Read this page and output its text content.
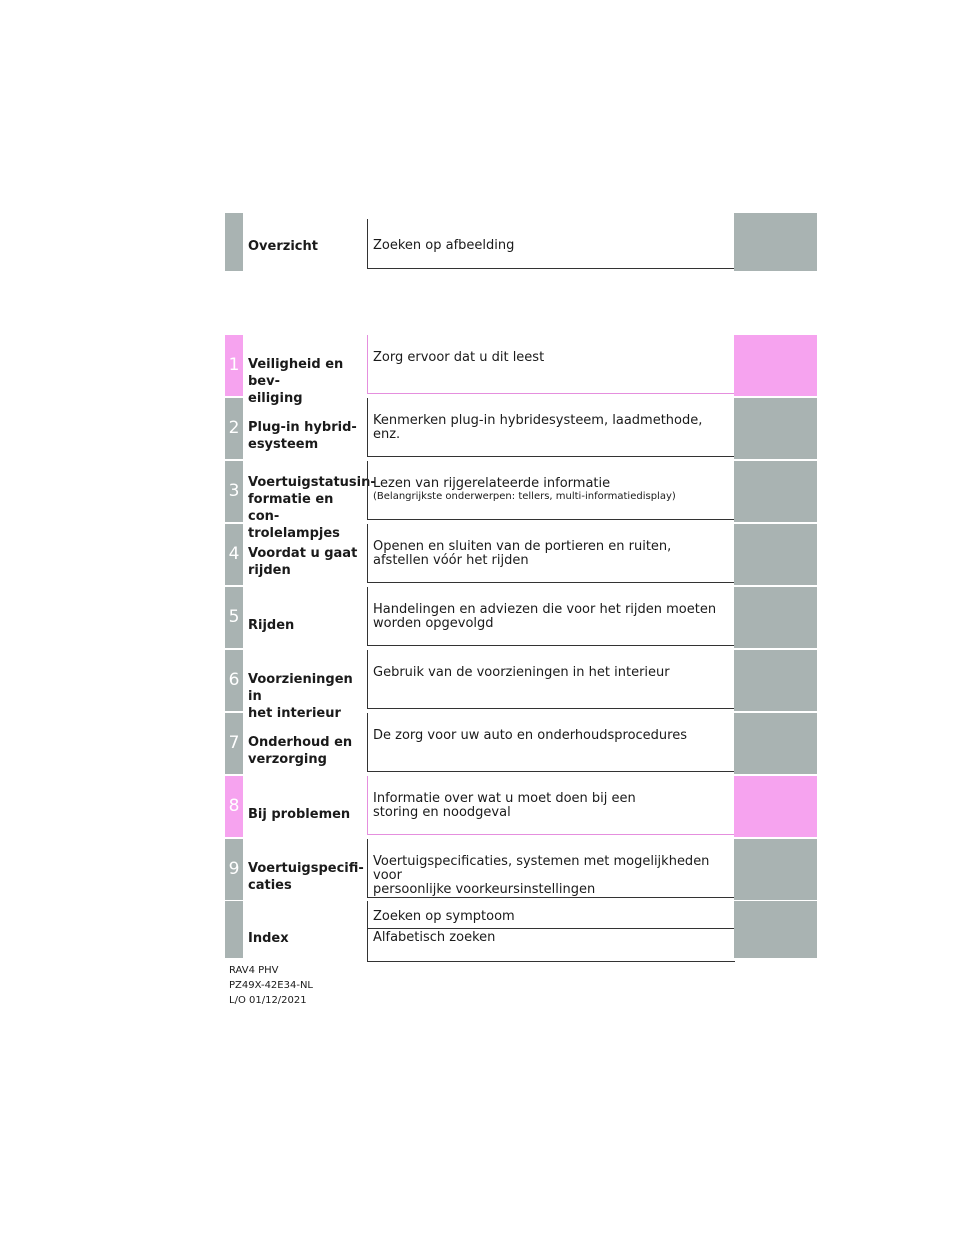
Overzicht	Zoeken op afbeelding
1 Veiligheid en bev-
eiliging
Zorg ervoor dat u dit leest
2 Plug-in hybrid-
esysteem
Kenmerken plug-in hybridesysteem, laadmethode, enz.
3 Voertuigstatusin-
formatie en con-
trolelampjes
Lezen van rijgerelateerde informatie
(Belangrijkste onderwerpen: tellers, multi-informatiedisplay)
4 Voordat u gaat
rijden
Openen en sluiten van de portieren en ruiten,
afstellen vóór het rijden
5 Rijden
Handelingen en adviezen die voor het rijden moeten
worden opgevolgd
6 Voorzieningen in
het interieur
Gebruik van de voorzieningen in het interieur
7 Onderhoud en
verzorging
De zorg voor uw auto en onderhoudsprocedures
8 Bij problemen
Informatie over wat u moet doen bij een
storing en noodgeval
9 Voertuigspecifi-
caties
Voertuigspecificaties, systemen met mogelijkheden voor
persoonlijke voorkeursinstellingen
Index
Zoeken op symptoom
Alfabetisch zoeken
RAV4 PHV
PZ49X-42E34-NL
L/O 01/12/2021
